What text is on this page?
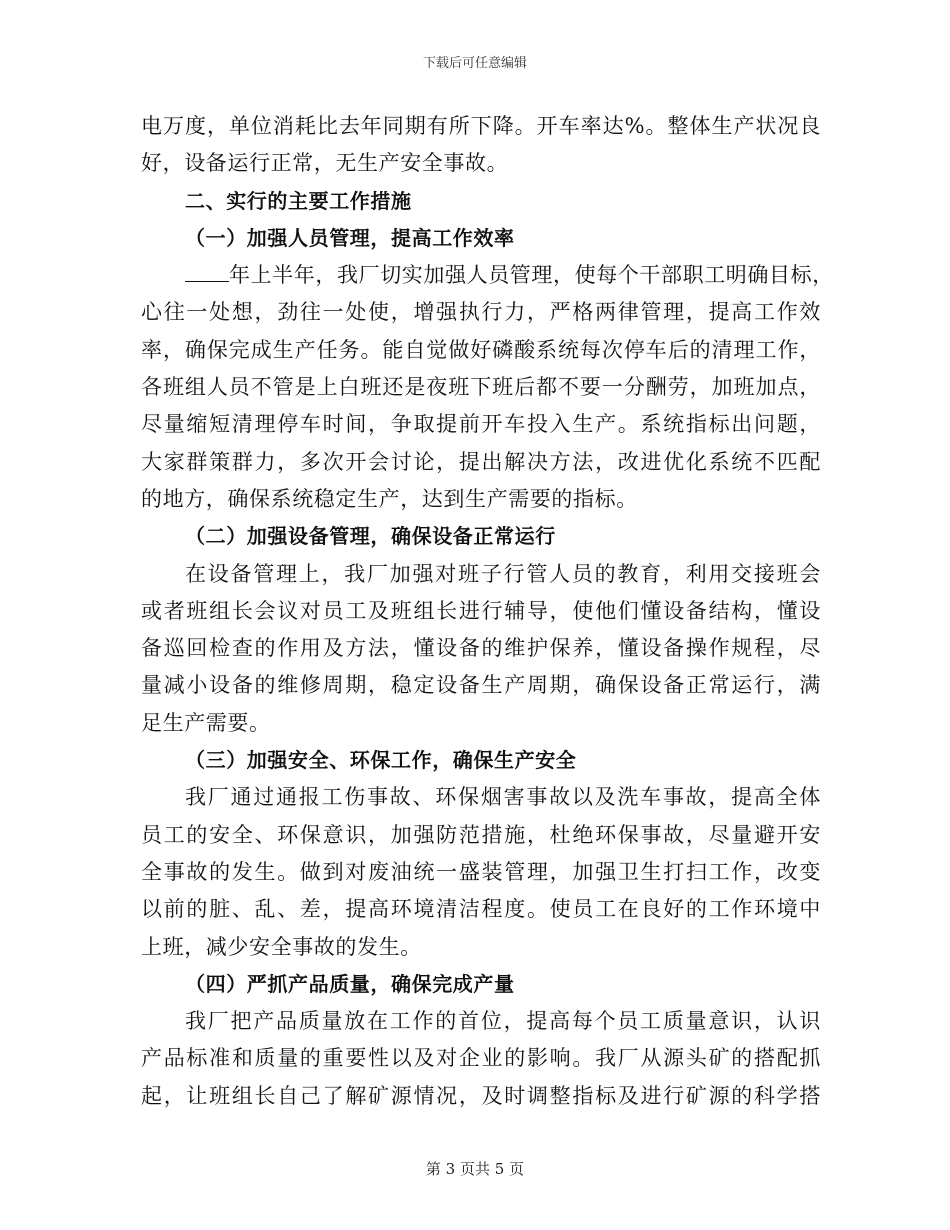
下载后可任意编辑
电万度，单位消耗比去年同期有所下降。开车率达%。整体生产状况良
好，设备运行正常，无生产安全事故。
二、实行的主要工作措施
（一）加强人员管理，提高工作效率
年上半年，我厂切实加强人员管理，使每个干部职工明确目标，
心往一处想，劲往一处使，增强执行力，严格两律管理，提高工作效
率，确保完成生产任务。能自觉做好磷酸系统每次停车后的清理工作，
各班组人员不管是上白班还是夜班下班后都不要一分酬劳，加班加点，
尽量缩短清理停车时间，争取提前开车投入生产。系统指标出问题，
大家群策群力，多次开会讨论，提出解决方法，改进优化系统不匹配
的地方，确保系统稳定生产，达到生产需要的指标。
（二）加强设备管理，确保设备正常运行
在设备管理上，我厂加强对班子行管人员的教育，利用交接班会
或者班组长会议对员工及班组长进行辅导，使他们懂设备结构，懂设
备巡回检查的作用及方法，懂设备的维护保养，懂设备操作规程，尽
量减小设备的维修周期，稳定设备生产周期，确保设备正常运行，满
足生产需要。
（三）加强安全、环保工作，确保生产安全
我厂通过通报工伤事故、环保烟害事故以及洗车事故，提高全体
员工的安全、环保意识，加强防范措施，杜绝环保事故，尽量避开安
全事故的发生。做到对废油统一盛装管理，加强卫生打扫工作，改变
以前的脏、乱、差，提高环境清洁程度。使员工在良好的工作环境中
上班，减少安全事故的发生。
（四）严抓产品质量，确保完成产量
我厂把产品质量放在工作的首位，提高每个员工质量意识，认识
产品标准和质量的重要性以及对企业的影响。我厂从源头矿的搭配抓
起，让班组长自己了解矿源情况，及时调整指标及进行矿源的科学搭
第 3 页共 5 页
